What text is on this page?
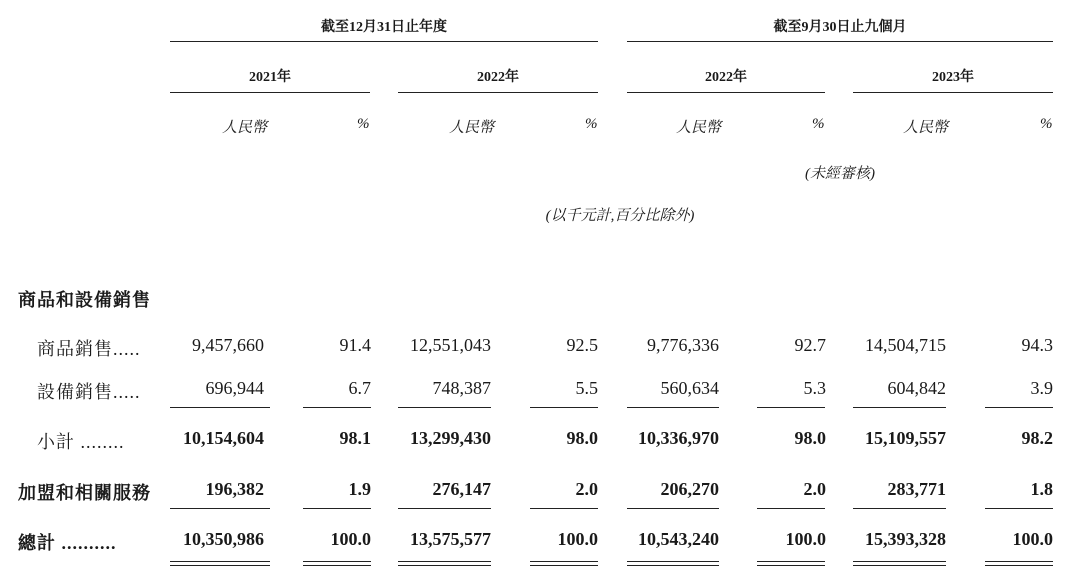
截至12月31日止年度	截至9月30日止九個月
2021年	2022年	2022年	2023年
人民幣	%	人民幣	%	人民幣	%	人民幣	%
(未經審核)
(以千元計,百分比除外)
商品和設備銷售
商品銷售.....	9,457,660	91.4 12,551,043	92.5	9,776,336	92.7 14,504,715	94.3
設備銷售.....	696,944	6.7	748,387	5.5	560,634	5.3	604,842	3.9
小計 ........	10,154,604	98.1 13,299,430	98.0 10,336,970	98.0 15,109,557	98.2
加盟和相關服務	196,382	1.9	276,147	2.0	206,270	2.0	283,771	1.8
總計 ..........	10,350,986	100.0 13,575,577	100.0 10,543,240	100.0 15,393,328	100.0
